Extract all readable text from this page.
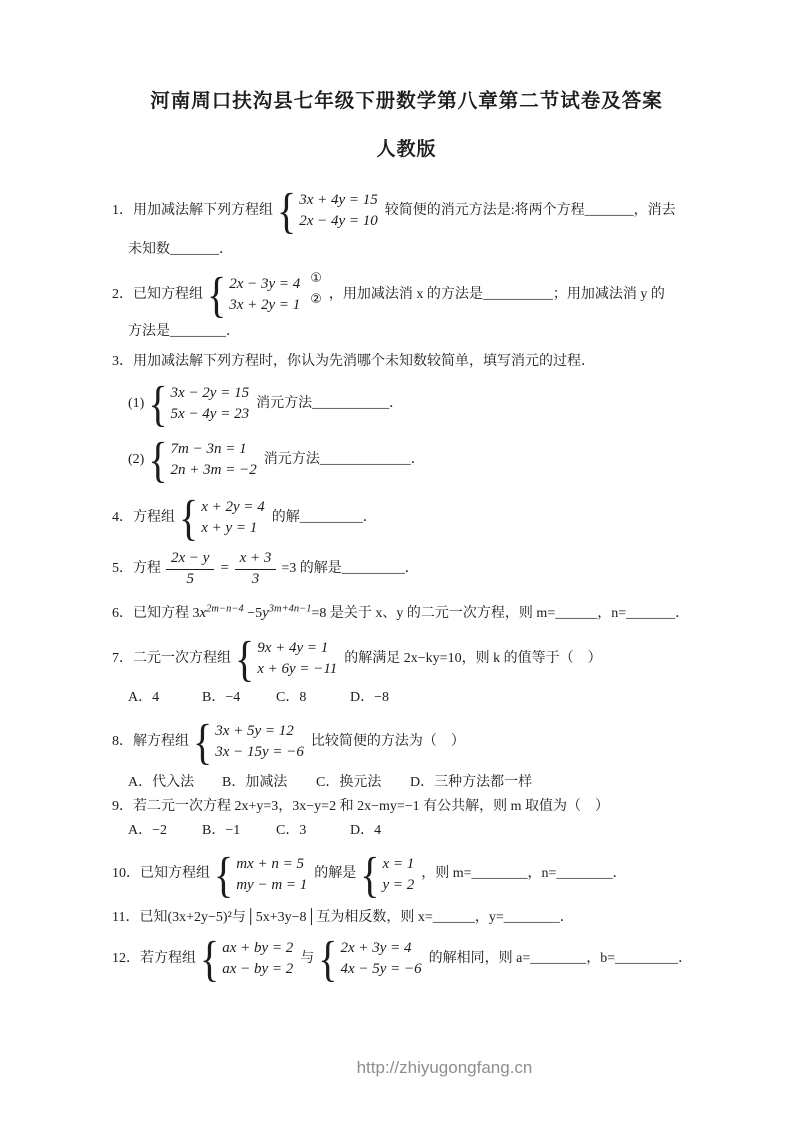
河南周口扶沟县七年级下册数学第八章第二节试卷及答案
人教版
1．用加减法解下列方程组 { 3x + 4y = 15
2x − 4y = 10
较简便的消元方法是:将两个方程_______，消去
未知数_______．
2．已知方程组 { 2x − 3y = 4
3x + 2y = 1
①
② ，用加减法消 x 的方法是__________；用加减法消 y 的
方法是________．
3．用加减法解下列方程时，你认为先消哪个未知数较简单，填写消元的过程．
(1) { 3x − 2y = 15
5x − 4y = 23
消元方法___________．
(2) { 7m − 3n = 1
2n + 3m = −2
消元方法_____________．
4．方程组 { x + 2y = 4
x + y = 1
的解_________．
5．方程 $\frac{2x - y}{5} = \frac{x + 3}{3} =3$ 的解是_________．
6．已知方程 $3x^{2m-n-4} -5y^{3m+4n-1}=8$ 是关于 x、y 的二元一次方程，则 m=______，n=_______．
7．二元一次方程组 { 9x + 4y = 1
x + 6y = −11
的解满足 2x−ky=10，则 k 的值等于（　）
A．4	B．−4	C．8	D．−8
8．解方程组 { 3x + 5y = 12
3x − 15y = −6
比较简便的方法为（　）
A．代入法	B．加减法	C．换元法	D．三种方法都一样
9．若二元一次方程 2x+y=3，3x−y=2 和 2x−my=−1 有公共解，则 m 取值为（　）
A．−2	B．−1	C．3	D．4
10．已知方程组 { mx + n = 5
my − m = 1
的解是 { x = 1
y = 2
，则 m=________，n=________．
11．已知(3x+2y−5)²与│5x+3y−8│互为相反数，则 x=______，y=________．
12．若方程组 { ax + by = 2
ax − by = 2
与 { 2x + 3y = 4
4x − 5y = −6
的解相同，则 a=________，b=_________．
http://zhiyugongfang.cn
